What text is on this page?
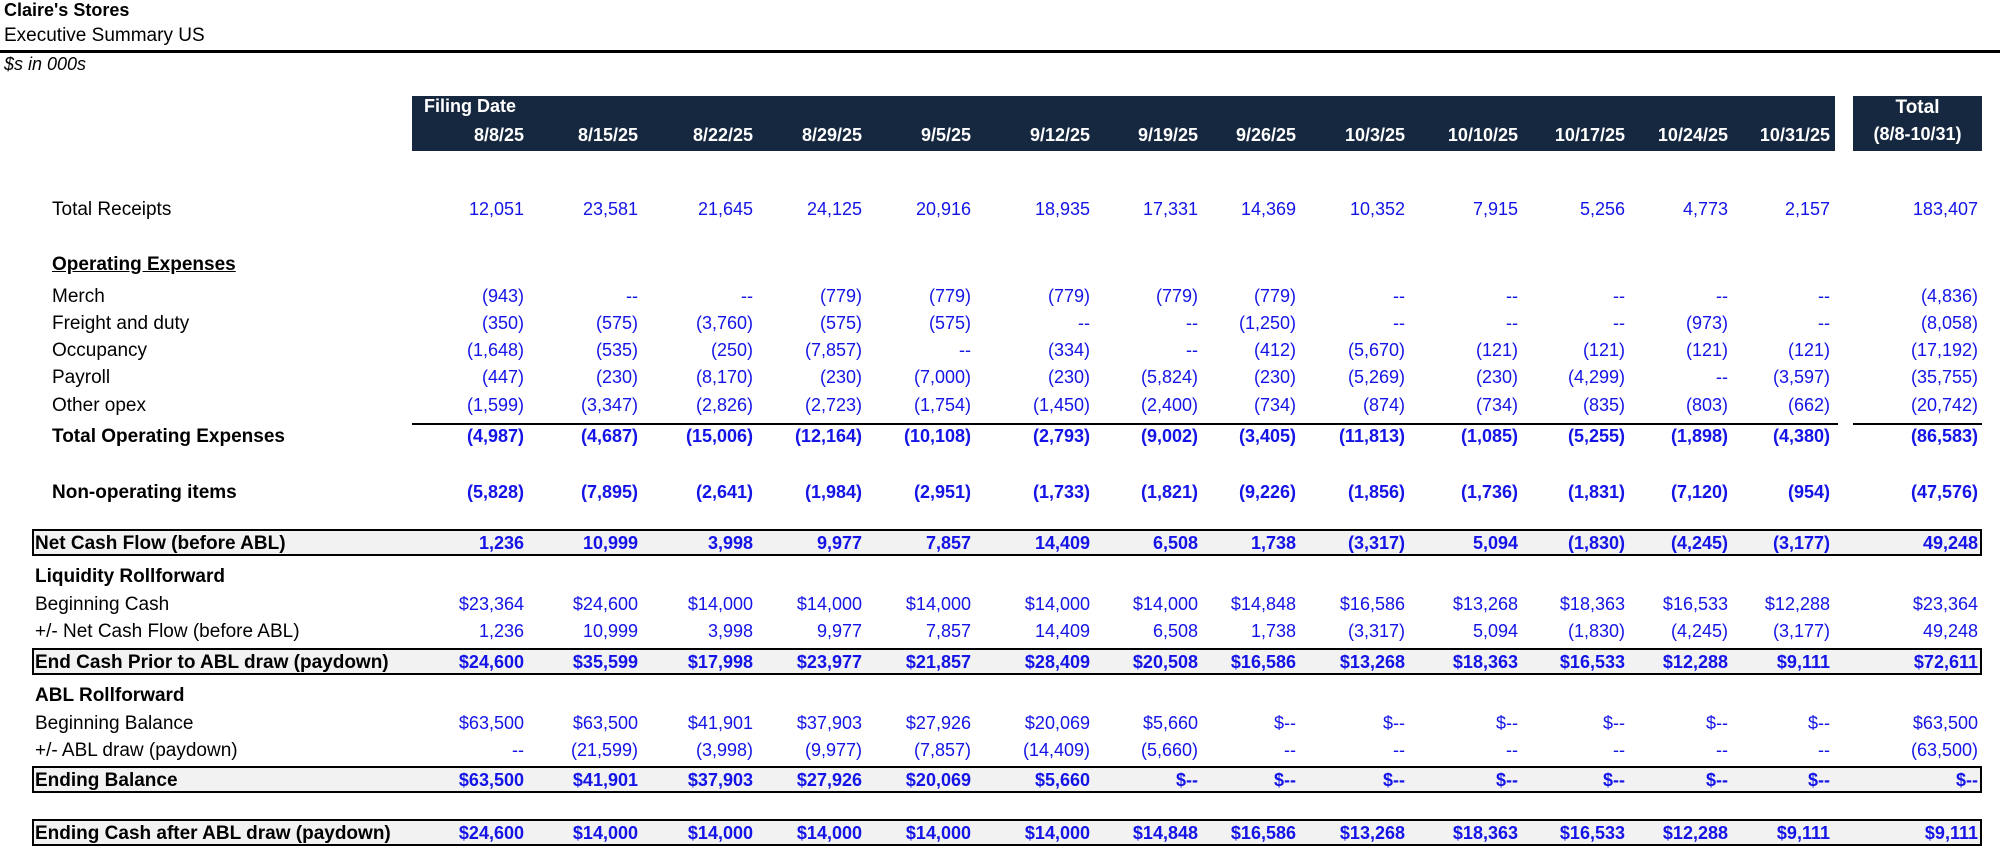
Claire's Stores
Executive Summary US
$s in 000s
Filing Date
8/8/25	8/15/25	8/22/25	8/29/25	9/5/25	9/12/25	9/19/25	9/26/25	10/3/25	10/10/25	10/17/25	10/24/25	10/31/25
Total
(8/8-10/31)
Total Receipts	12,051	23,581	21,645	24,125	20,916	18,935	17,331	14,369	10,352	7,915	5,256	4,773	2,157	183,407
Operating Expenses
Merch	(943)	--	--	(779)	(779)	(779)	(779)	(779)	--	--	--	--	--	(4,836)
Freight and duty	(350)	(575)	(3,760)	(575)	(575)	--	--	(1,250)	--	--	--	(973)	--	(8,058)
Occupancy	(1,648)	(535)	(250)	(7,857)	--	(334)	--	(412)	(5,670)	(121)	(121)	(121)	(121)	(17,192)
Payroll	(447)	(230)	(8,170)	(230)	(7,000)	(230)	(5,824)	(230)	(5,269)	(230)	(4,299)	--	(3,597)	(35,755)
Other opex	(1,599)	(3,347)	(2,826)	(2,723)	(1,754)	(1,450)	(2,400)	(734)	(874)	(734)	(835)	(803)	(662)	(20,742)
Total Operating Expenses	(4,987)	(4,687)	(15,006)	(12,164)	(10,108)	(2,793)	(9,002)	(3,405)	(11,813)	(1,085)	(5,255)	(1,898)	(4,380)	(86,583)
Non-operating items	(5,828)	(7,895)	(2,641)	(1,984)	(2,951)	(1,733)	(1,821)	(9,226)	(1,856)	(1,736)	(1,831)	(7,120)	(954)	(47,576)
Net Cash Flow (before ABL)	1,236	10,999	3,998	9,977	7,857	14,409	6,508	1,738	(3,317)	5,094	(1,830)	(4,245)	(3,177)	49,248
Liquidity Rollforward
Beginning Cash	$23,364	$24,600	$14,000	$14,000	$14,000	$14,000	$14,000	$14,848	$16,586	$13,268	$18,363	$16,533	$12,288	$23,364
+/- Net Cash Flow (before ABL)	1,236	10,999	3,998	9,977	7,857	14,409	6,508	1,738	(3,317)	5,094	(1,830)	(4,245)	(3,177)	49,248
End Cash Prior to ABL draw (paydown)	$24,600	$35,599	$17,998	$23,977	$21,857	$28,409	$20,508	$16,586	$13,268	$18,363	$16,533	$12,288	$9,111	$72,611
ABL Rollforward
Beginning Balance	$63,500	$63,500	$41,901	$37,903	$27,926	$20,069	$5,660	$--	$--	$--	$--	$--	$--	$63,500
+/- ABL draw (paydown)	--	(21,599)	(3,998)	(9,977)	(7,857)	(14,409)	(5,660)	--	--	--	--	--	--	(63,500)
Ending Balance	$63,500	$41,901	$37,903	$27,926	$20,069	$5,660	$--	$--	$--	$--	$--	$--	$--	$--
Ending Cash after ABL draw (paydown)	$24,600	$14,000	$14,000	$14,000	$14,000	$14,000	$14,848	$16,586	$13,268	$18,363	$16,533	$12,288	$9,111	$9,111
